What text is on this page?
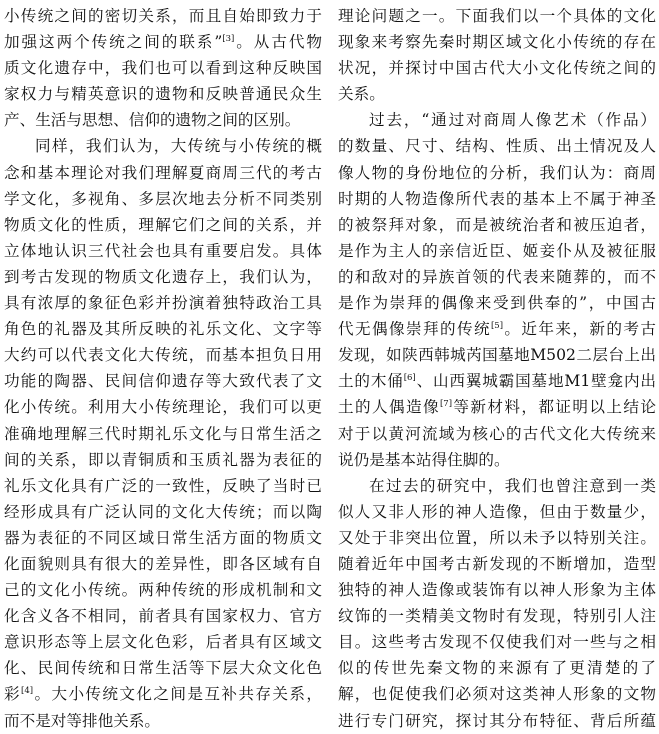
小传统之间的密切关系，而且自始即致力于
加强这两个传统之间的联系”[3]。从古代物
质文化遗存中，我们也可以看到这种反映国
家权力与精英意识的遗物和反映普通民众生
产、生活与思想、信仰的遗物之间的区别。
同样，我们认为，大传统与小传统的概
念和基本理论对我们理解夏商周三代的考古
学文化，多视角、多层次地去分析不同类别
物质文化的性质，理解它们之间的关系，并
立体地认识三代社会也具有重要启发。具体
到考古发现的物质文化遗存上，我们认为，
具有浓厚的象征色彩并扮演着独特政治工具
角色的礼器及其所反映的礼乐文化、文字等
大约可以代表文化大传统，而基本担负日用
功能的陶器、民间信仰遗存等大致代表了文
化小传统。利用大小传统理论，我们可以更
准确地理解三代时期礼乐文化与日常生活之
间的关系，即以青铜质和玉质礼器为表征的
礼乐文化具有广泛的一致性，反映了当时已
经形成具有广泛认同的文化大传统；而以陶
器为表征的不同区域日常生活方面的物质文
化面貌则具有很大的差异性，即各区域有自
己的文化小传统。两种传统的形成机制和文
化含义各不相同，前者具有国家权力、官方
意识形态等上层文化色彩，后者具有区域文
化、民间传统和日常生活等下层大众文化色
彩[4]。大小传统文化之间是互补共存关系，
而不是对等排他关系。
理论问题之一。下面我们以一个具体的文化
现象来考察先秦时期区域文化小传统的存在
状况，并探讨中国古代大小文化传统之间的
关系。
过去，“通过对商周人像艺术（作品）
的数量、尺寸、结构、性质、出土情况及人
像人物的身份地位的分析，我们认为：商周
时期的人物造像所代表的基本上不属于神圣
的被祭拜对象，而是被统治者和被压迫者，
是作为主人的亲信近臣、姬妾仆从及被征服
的和敌对的异族首领的代表来随葬的，而不
是作为崇拜的偶像来受到供奉的”，中国古
代无偶像崇拜的传统[5]。近年来，新的考古
发现，如陕西韩城芮国墓地M502二层台上出
土的木俑[6]、山西翼城霸国墓地M1壁龛内出
土的人偶造像[7]等新材料，都证明以上结论
对于以黄河流域为核心的古代文化大传统来
说仍是基本站得住脚的。
在过去的研究中，我们也曾注意到一类
似人又非人形的神人造像，但由于数量少，
又处于非突出位置，所以未予以特别关注。
随着近年中国考古新发现的不断增加，造型
独特的神人造像或装饰有以神人形象为主体
纹饰的一类精美文物时有发现，特别引人注
目。这些考古发现不仅使我们对一些与之相
似的传世先秦文物的来源有了更清楚的了
解，也促使我们必须对这类神人形象的文物
进行专门研究，探讨其分布特征、背后所蕴
